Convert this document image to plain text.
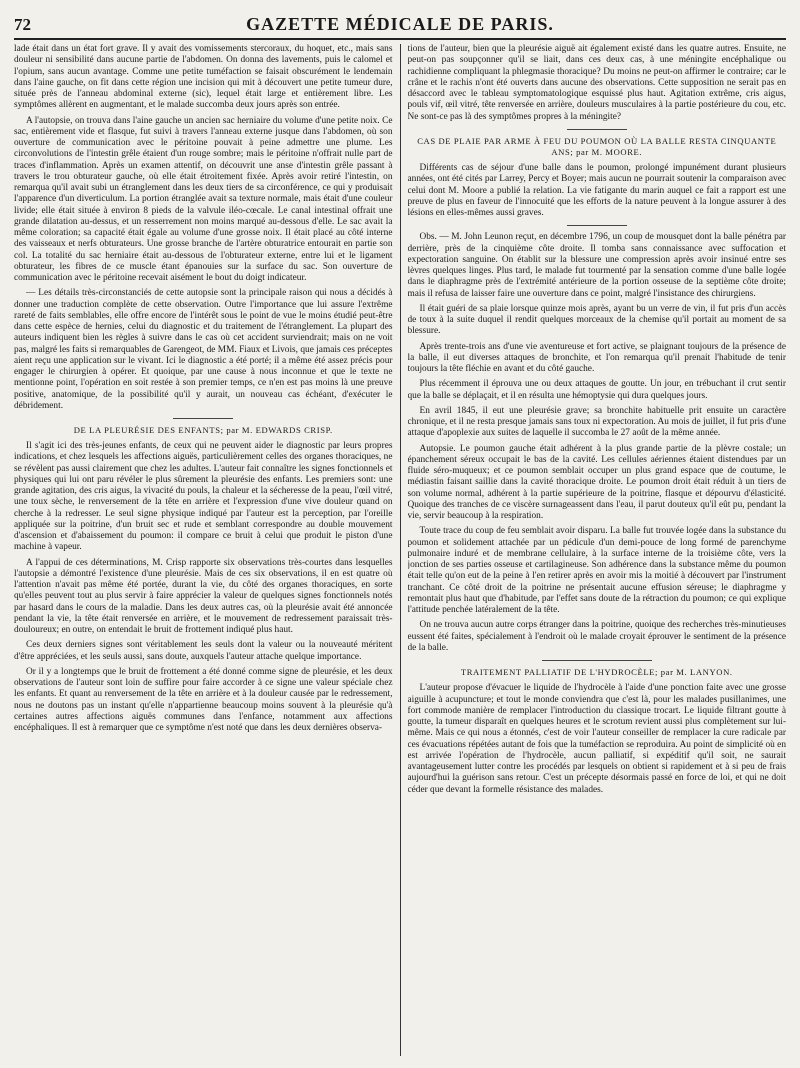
72	GAZETTE MÉDICALE DE PARIS.

lade était dans un état fort grave. Il y avait des vomissements stercoraux, du hoquet, etc., mais sans douleur ni sensibilité dans aucune partie de l'abdomen. On donna des lavements, puis le calomel et l'opium, sans aucun avantage. Comme une petite tuméfaction se faisait obscurément le lendemain dans l'aine gauche, on fit dans cette région une incision qui mit à découvert une petite tumeur dure, située près de l'anneau abdominal externe (sic), lequel était large et entièrement libre. Les symptômes allèrent en augmentant, et le malade succomba deux jours après son entrée.

A l'autopsie, on trouva dans l'aine gauche un ancien sac herniaire du volume d'une petite noix. Ce sac, entièrement vide et flasque, fut suivi à travers l'anneau externe jusque dans l'abdomen, où son ouverture de communication avec le péritoine pouvait à peine admettre une plume. Les circonvolutions de l'intestin grêle étaient d'un rouge sombre; mais le péritoine n'offrait nulle part de traces d'inflammation. Après un examen attentif, on découvrit une anse d'intestin grêle passant à travers le trou obturateur gauche, où elle était étroitement fixée. Après avoir retiré l'intestin, on remarqua qu'il avait subi un étranglement dans les deux tiers de sa circonférence, ce qui y produisait l'apparence d'un diverticulum. La portion étranglée avait sa texture normale, mais était d'une couleur livide; elle était située à environ 8 pieds de la valvule iléo-cœcale. Le canal intestinal offrait une grande dilatation au-dessus, et un resserrement non moins marqué au-dessous d'elle. Le sac avait la même coloration; sa capacité était égale au volume d'une grosse noix. Il était placé au côté interne des vaisseaux et nerfs obturateurs. Une grosse branche de l'artère obturatrice entourait en partie son col. La totalité du sac herniaire était au-dessous de l'obturateur externe, entre lui et le ligament obturateur, les fibres de ce muscle étant épanouies sur la surface du sac. Son ouverture de communication avec le péritoine recevait aisément le bout du doigt indicateur.

— Les détails très-circonstanciés de cette autopsie sont la principale raison qui nous a décidés à donner une traduction complète de cette observation. Outre l'importance que lui assure l'extrême rareté de faits semblables, elle offre encore de l'intérêt sous le point de vue le moins étudié peut-être dans cette espèce de hernies, celui du diagnostic et du traitement de l'étranglement. La plupart des auteurs indiquent bien les règles à suivre dans le cas où cet accident surviendrait; mais on ne voit pas, malgré les faits si remarquables de Garengeot, de MM. Fiaux et Livois, que jamais ces préceptes aient reçu une application sur le vivant. Ici le diagnostic a été porté; il a même été assez précis pour engager le chirurgien à opérer. Et quoique, par une cause à nous inconnue et que le texte ne mentionne point, l'opération en soit restée à son premier temps, ce n'en est pas moins là une preuve positive, anatomique, de la possibilité qu'il y aurait, un nouveau cas échéant, d'exécuter le débridement.

DE LA PLEURÉSIE DES ENFANTS; par M. EDWARDS CRISP.

Il s'agit ici des très-jeunes enfants, de ceux qui ne peuvent aider le diagnostic par leurs propres indications, et chez lesquels les affections aiguës, particulièrement celles des organes thoraciques, ne se révèlent pas aussi clairement que chez les adultes. L'auteur fait connaître les signes fonctionnels et physiques qui lui ont paru révéler le plus sûrement la pleurésie des enfants. Les premiers sont: une grande agitation, des cris aigus, la vivacité du pouls, la chaleur et la sécheresse de la peau, l'œil vitré, une toux sèche, le renversement de la tête en arrière et l'expression d'une vive douleur quand on cherche à la redresser. Le seul signe physique indiqué par l'auteur est la perception, par l'oreille appliquée sur la poitrine, d'un bruit sec et rude et semblant correspondre au double mouvement d'ascension et d'abaissement du poumon: il compare ce bruit à celui que produit le piston d'une machine à vapeur.

A l'appui de ces déterminations, M. Crisp rapporte six observations très-courtes dans lesquelles l'autopsie a démontré l'existence d'une pleurésie. Mais de ces six observations, il en est quatre où l'attention n'avait pas même été portée, durant la vie, du côté des organes thoraciques, en sorte qu'elles peuvent tout au plus servir à faire apprécier la valeur de quelques signes fonctionnels notés par hasard dans le cours de la maladie. Dans les deux autres cas, où la pleurésie avait été annoncée pendant la vie, la tête était renversée en arrière, et le mouvement de redressement paraissait très-douloureux; en outre, on entendait le bruit de frottement indiqué plus haut.

Ces deux derniers signes sont véritablement les seuls dont la valeur ou la nouveauté méritent d'être appréciées, et les seuls aussi, sans doute, auxquels l'auteur attache quelque importance.

Or il y a longtemps que le bruit de frottement a été donné comme signe de pleurésie, et les deux observations de l'auteur sont loin de suffire pour faire accorder à ce signe une valeur spéciale chez les enfants. Et quant au renversement de la tête en arrière et à la douleur causée par le redressement, nous ne doutons pas un instant qu'elle n'appartienne beaucoup moins souvent à la pleurésie qu'à certaines autres affections aiguës communes dans l'enfance, notamment aux affections encéphaliques. Il est à remarquer que ce symptôme n'est noté que dans les deux dernières observa-

tions de l'auteur, bien que la pleurésie aiguë ait également existé dans les quatre autres. Ensuite, ne peut-on pas soupçonner qu'il se liait, dans ces deux cas, à une méningite encéphalique ou rachidienne compliquant la phlegmasie thoracique? Du moins ne peut-on affirmer le contraire; car le crâne et le rachis n'ont été ouverts dans aucune des observations. Cette supposition ne serait pas en désaccord avec le tableau symptomatologique esquissé plus haut. Agitation extrême, cris aigus, pouls vif, œil vitré, tête renversée en arrière, douleurs musculaires à la partie postérieure du cou, etc. Ne sont-ce pas là des symptômes propres à la méningite?

CAS DE PLAIE PAR ARME À FEU DU POUMON OÙ LA BALLE RESTA CINQUANTE ANS; par M. MOORE.

Différents cas de séjour d'une balle dans le poumon, prolongé impunément durant plusieurs années, ont été cités par Larrey, Percy et Boyer; mais aucun ne pourrait soutenir la comparaison avec celui dont M. Moore a publié la relation. La vie fatigante du marin auquel ce fait a rapport est une preuve de plus en faveur de l'innocuité que les efforts de la nature peuvent à la longue assurer à des lésions en elles-mêmes aussi graves.

Obs. — M. John Leunon reçut, en décembre 1796, un coup de mousquet dont la balle pénétra par derrière, près de la cinquième côte droite. Il tomba sans connaissance avec suffocation et expectoration sanguine. On établit sur la blessure une compression après avoir insinué entre ses lèvres quelques linges. Plus tard, le malade fut tourmenté par la sensation comme d'une balle logée dans le diaphragme près de l'extrémité antérieure de la portion osseuse de la septième côte droite; mais il refusa de laisser faire une ouverture dans ce point, malgré l'insistance des chirurgiens.

Il était guéri de sa plaie lorsque quinze mois après, ayant bu un verre de vin, il fut pris d'un accès de toux à la suite duquel il rendit quelques morceaux de la chemise qu'il portait au moment de sa blessure.

Après trente-trois ans d'une vie aventureuse et fort active, se plaignant toujours de la présence de la balle, il eut diverses attaques de bronchite, et l'on remarqua qu'il prenait l'habitude de tenir toujours la tête fléchie en avant et du côté gauche.

Plus récemment il éprouva une ou deux attaques de goutte. Un jour, en trébuchant il crut sentir que la balle se déplaçait, et il en résulta une hémoptysie qui dura quelques jours.

En avril 1845, il eut une pleurésie grave; sa bronchite habituelle prit ensuite un caractère chronique, et il ne resta presque jamais sans toux ni expectoration. Au mois de juillet, il fut pris d'une attaque d'apoplexie aux suites de laquelle il succomba le 27 août de la même année.

Autopsie. Le poumon gauche était adhérent à la plus grande partie de la plèvre costale; un épanchement séreux occupait le bas de la cavité. Les cellules aériennes étaient distendues par un fluide séro-muqueux; et ce poumon semblait occuper un plus grand espace que de coutume, le médiastin faisant saillie dans la cavité thoracique droite. Le poumon droit était réduit à un tiers de son volume normal, adhérent à la partie supérieure de la poitrine, flasque et dépourvu d'élasticité. Quoique des tranches de ce viscère surnageassent dans l'eau, il parut douteux qu'il eût pu, pendant la vie, servir beaucoup à la respiration.

Toute trace du coup de feu semblait avoir disparu. La balle fut trouvée logée dans la substance du poumon et solidement attachée par un pédicule d'un demi-pouce de long formé de parenchyme pulmonaire induré et de membrane cellulaire, à la surface interne de la troisième côte, vers la jonction de ses parties osseuse et cartilagineuse. Son adhérence dans la substance même du poumon était telle qu'on eut de la peine à l'en retirer après en avoir mis la moitié à découvert par l'instrument tranchant. Ce côté droit de la poitrine ne présentait aucune effusion séreuse; le diaphragme y remontait plus haut que d'habitude, par l'effet sans doute de la rétraction du poumon; ce qui explique l'attitude penchée latéralement de la tête.

On ne trouva aucun autre corps étranger dans la poitrine, quoique des recherches très-minutieuses eussent été faites, spécialement à l'endroit où le malade croyait éprouver le sentiment de la présence de la balle.

TRAITEMENT PALLIATIF DE L'HYDROCÈLE; par M. LANYON.

L'auteur propose d'évacuer le liquide de l'hydrocèle à l'aide d'une ponction faite avec une grosse aiguille à acupuncture; et tout le monde conviendra que c'est là, pour les malades pusillanimes, une fort commode manière de remplacer l'introduction du classique trocart. Le liquide filtrant goutte à goutte, la tumeur disparaît en quelques heures et le scrotum revient aussi plus complètement sur lui-même. Mais ce qui nous a étonnés, c'est de voir l'auteur conseiller de remplacer la cure radicale par ces évacuations répétées autant de fois que la tuméfaction se reproduira. Au point de simplicité où en est arrivée l'opération de l'hydrocèle, aucun palliatif, si expéditif qu'il soit, ne saurait avantageusement lutter contre les procédés par lesquels on obtient si rapidement et à si peu de frais aujourd'hui la guérison sans retour. C'est un précepte désormais passé en force de loi, et qui ne doit céder que devant la formelle résistance des malades.
